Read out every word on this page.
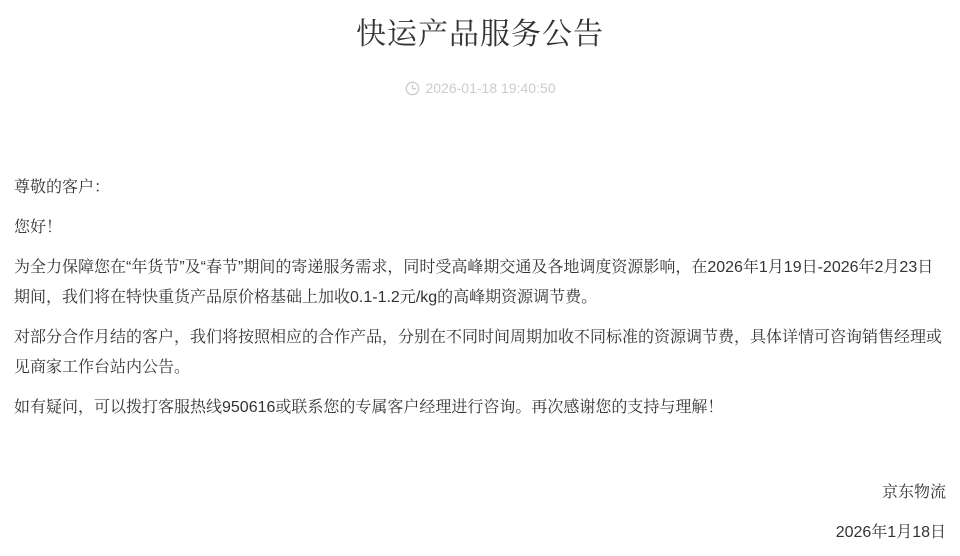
快运产品服务公告
2026-01-18 19:40:50

尊敬的客户：

您好！

为全力保障您在“年货节”及“春节”期间的寄递服务需求，同时受高峰期交通及各地调度资源影响，在2026年1月19日-2026年2月23日期间，我们将在特快重货产品原价格基础上加收0.1-1.2元/kg的高峰期资源调节费。

对部分合作月结的客户，我们将按照相应的合作产品，分别在不同时间周期加收不同标准的资源调节费，具体详情可咨询销售经理或见商家工作台站内公告。

如有疑问，可以拨打客服热线950616或联系您的专属客户经理进行咨询。再次感谢您的支持与理解！

京东物流

2026年1月18日
